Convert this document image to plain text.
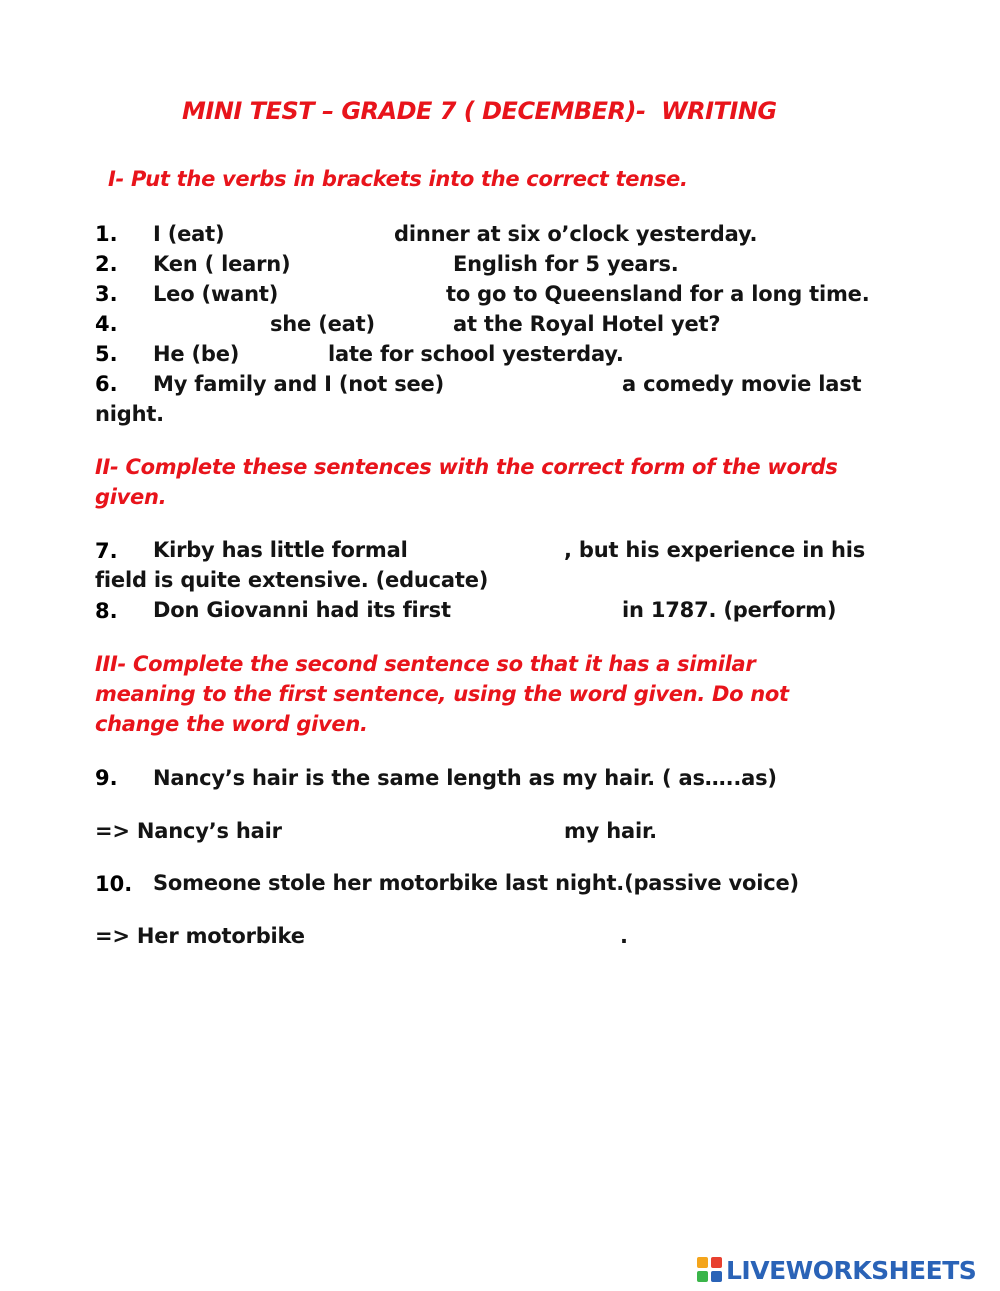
MINI TEST – GRADE 7 ( DECEMBER)-  WRITING
I- Put the verbs in brackets into the correct tense.
1. I (eat)	dinner at six o’clock yesterday.
2. Ken ( learn)	English for 5 years.
3. Leo (want)	to go to Queensland for a long time.
4.	she (eat)	at the Royal Hotel yet?
5. He (be)	late for school yesterday.
6. My family and I (not see)	a comedy movie last
night.
II- Complete these sentences with the correct form of the words
given.
7. Kirby has little formal	, but his experience in his
field is quite extensive. (educate)
8. Don Giovanni had its first	in 1787. (perform)
III- Complete the second sentence so that it has a similar
meaning to the first sentence, using the word given. Do not
change the word given.
9. Nancy’s hair is the same length as my hair. ( as…..as)
=> Nancy’s hair	my hair.
10. Someone stole her motorbike last night.(passive voice)
=> Her motorbike	.
LIVEWORKSHEETS
